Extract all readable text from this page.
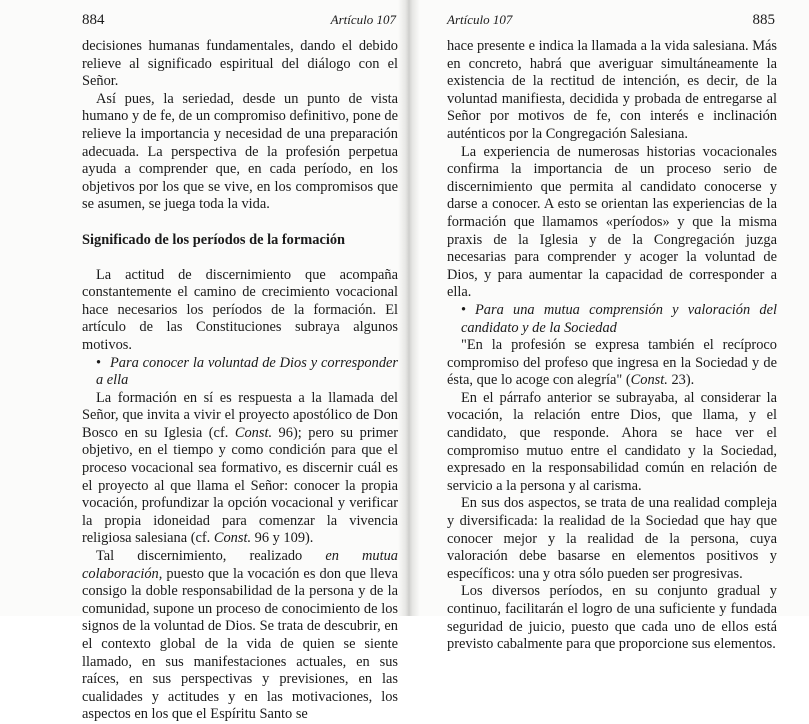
884	Artículo 107

decisiones humanas fundamentales, dando el debido relieve al significado espiritual del diálogo con el Señor.

Así pues, la seriedad, desde un punto de vista humano y de fe, de un compromiso definitivo, pone de relieve la importancia y necesidad de una preparación adecuada. La perspectiva de la profesión perpetua ayuda a comprender que, en cada período, en los objetivos por los que se vive, en los compromisos que se asumen, se juega toda la vida.

Significado de los períodos de la formación

La actitud de discernimiento que acompaña constantemente el camino de crecimiento vocacional hace necesarios los períodos de la formación. El artículo de las Constituciones subraya algunos motivos.

• Para conocer la voluntad de Dios y corresponder a ella

La formación en sí es respuesta a la llamada del Señor, que invita a vivir el proyecto apostólico de Don Bosco en su Iglesia (cf. Const. 96); pero su primer objetivo, en el tiempo y como condición para que el proceso vocacional sea formativo, es discernir cuál es el proyecto al que llama el Señor: conocer la propia vocación, profundizar la opción vocacional y verificar la propia idoneidad para comenzar la vivencia religiosa salesiana (cf. Const. 96 y 109).

Tal discernimiento, realizado en mutua colaboración, puesto que la vocación es don que lleva consigo la doble responsabilidad de la persona y de la comunidad, supone un proceso de conocimiento de los signos de la voluntad de Dios. Se trata de descubrir, en el contexto global de la vida de quien se siente llamado, en sus manifestaciones actuales, en sus raíces, en sus perspectivas y previsiones, en las cualidades y actitudes y en las motivaciones, los aspectos en los que el Espíritu Santo se

Artículo 107	885

hace presente e indica la llamada a la vida salesiana. Más en concreto, habrá que averiguar simultáneamente la existencia de la rectitud de intención, es decir, de la voluntad manifiesta, decidida y probada de entregarse al Señor por motivos de fe, con interés e inclinación auténticos por la Congregación Salesiana.

La experiencia de numerosas historias vocacionales confirma la importancia de un proceso serio de discernimiento que permita al candidato conocerse y darse a conocer. A esto se orientan las experiencias de la formación que llamamos «períodos» y que la misma praxis de la Iglesia y de la Congregación juzga necesarias para comprender y acoger la voluntad de Dios, y para aumentar la capacidad de corresponder a ella.

• Para una mutua comprensión y valoración del candidato y de la Sociedad

"En la profesión se expresa también el recíproco compromiso del profeso que ingresa en la Sociedad y de ésta, que lo acoge con alegría" (Const. 23).

En el párrafo anterior se subrayaba, al considerar la vocación, la relación entre Dios, que llama, y el candidato, que responde. Ahora se hace ver el compromiso mutuo entre el candidato y la Sociedad, expresado en la responsabilidad común en relación de servicio a la persona y al carisma.

En sus dos aspectos, se trata de una realidad compleja y diversificada: la realidad de la Sociedad que hay que conocer mejor y la realidad de la persona, cuya valoración debe basarse en elementos positivos y específicos: una y otra sólo pueden ser progresivas.

Los diversos períodos, en su conjunto gradual y continuo, facilitarán el logro de una suficiente y fundada seguridad de juicio, puesto que cada uno de ellos está previsto cabalmente para que proporcione sus elementos.
